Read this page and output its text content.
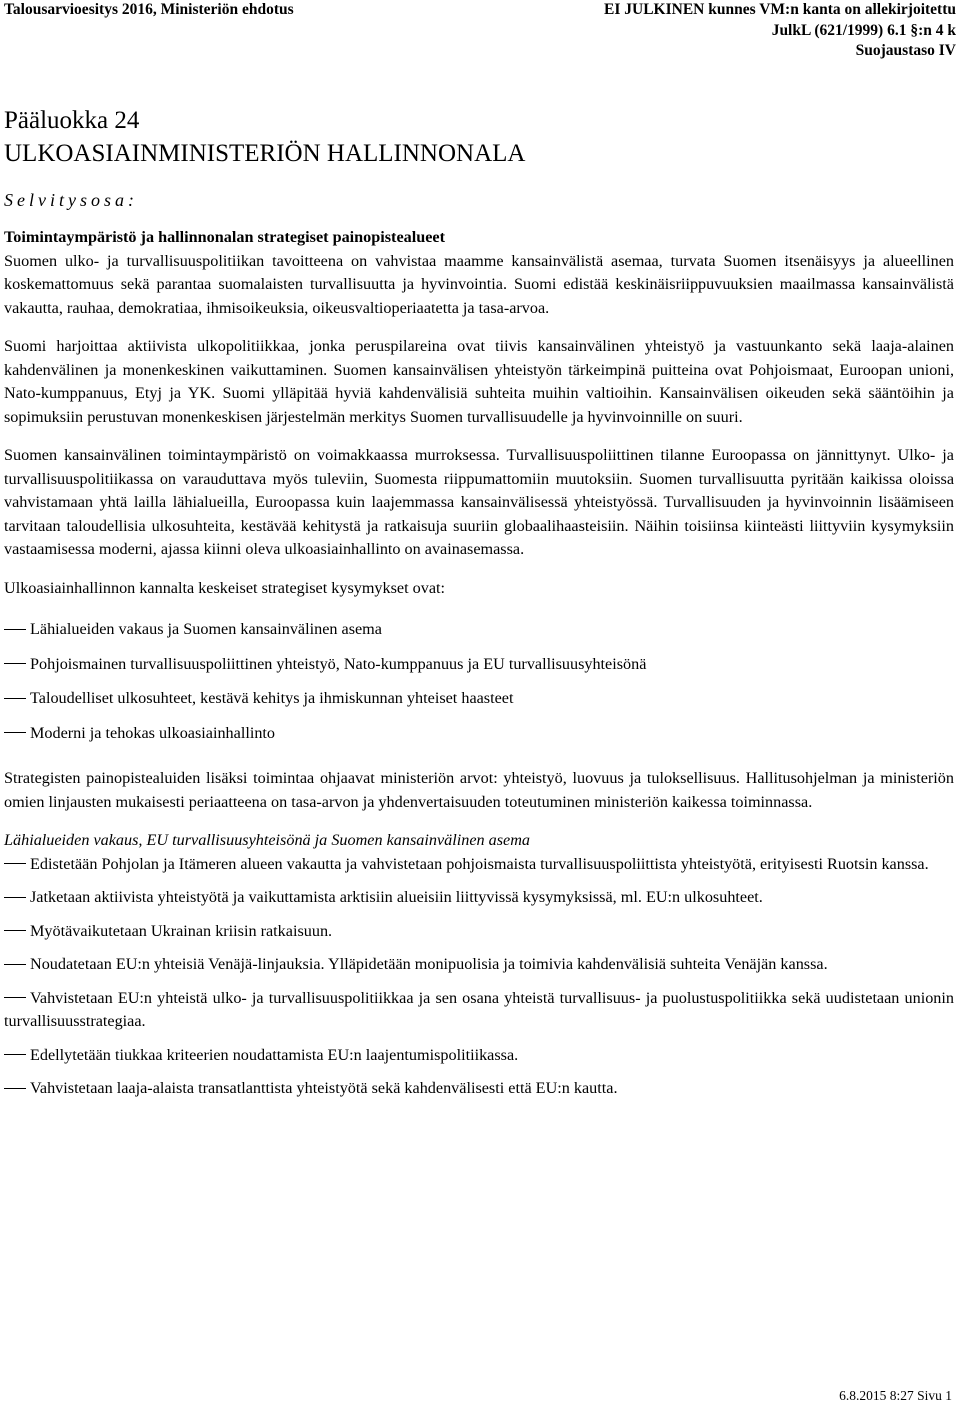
Talousarvioesitys 2016, Ministeriön ehdotus	EI JULKINEN kunnes VM:n kanta on allekirjoitettu
JulkL (621/1999) 6.1 §:n 4 k
Suojaustaso IV
Pääluokka 24
ULKOASIAINMINISTERIÖN HALLINNONALA
Selvitysosa:
Toimintaympäristö ja hallinnonalan strategiset painopistealueet

Suomen ulko- ja turvallisuuspolitiikan tavoitteena on vahvistaa maamme kansainvälistä asemaa, turvata Suomen itsenäisyys ja alueellinen koskemattomuus sekä parantaa suomalaisten turvallisuutta ja hyvinvointia. Suomi edistää keskinäisriippuvuuksien maailmassa kansainvälistä vakautta, rauhaa, demokratiaa, ihmisoikeuksia, oikeusvaltioperiaatetta ja tasa-arvoa.

Suomi harjoittaa aktiivista ulkopolitiikkaa, jonka peruspilareina ovat tiivis kansainvälinen yhteistyö ja vastuunkanto sekä laaja-alainen kahdenvälinen ja monenkeskinen vaikuttaminen. Suomen kansainvälisen yhteistyön tärkeimpinä puitteina ovat Pohjoismaat, Euroopan unioni, Nato-kumppanuus, Etyj ja YK. Suomi ylläpitää hyviä kahdenvälisiä suhteita muihin valtioihin. Kansainvälisen oikeuden sekä sääntöihin ja sopimuksiin perustuvan monenkeskisen järjestelmän merkitys Suomen turvallisuudelle ja hyvinvoinnille on suuri.

Suomen kansainvälinen toimintaympäristö on voimakkaassa murroksessa. Turvallisuuspoliittinen tilanne Euroopassa on jännittynyt. Ulko- ja turvallisuuspolitiikassa on varauduttava myös tuleviin, Suomesta riippumattomiin muutoksiin. Suomen turvallisuutta pyritään kaikissa oloissa vahvistamaan yhtä lailla lähialueilla, Euroopassa kuin laajemmassa kansainvälisessä yhteistyössä. Turvallisuuden ja hyvinvoinnin lisäämiseen tarvitaan taloudellisia ulkosuhteita, kestävää kehitystä ja ratkaisuja suuriin globaalihaasteisiin. Näihin toisiinsa kiinteästi liittyviin kysymyksiin vastaamisessa moderni, ajassa kiinni oleva ulkoasiainhallinto on avainasemassa.

Ulkoasiainhallinnon kannalta keskeiset strategiset kysymykset ovat:

Lähialueiden vakaus ja Suomen kansainvälinen asema
Pohjoismainen turvallisuuspoliittinen yhteistyö, Nato-kumppanuus ja EU turvallisuusyhteisönä
Taloudelliset ulkosuhteet, kestävä kehitys ja ihmiskunnan yhteiset haasteet
Moderni ja tehokas ulkoasiainhallinto

Strategisten painopistealuiden lisäksi toimintaa ohjaavat ministeriön arvot: yhteistyö, luovuus ja tuloksellisuus. Hallitusohjelman ja ministeriön omien linjausten mukaisesti periaatteena on tasa-arvon ja yhdenvertaisuuden toteutuminen ministeriön kaikessa toiminnassa.

Lähialueiden vakaus, EU turvallisuusyhteisönä ja Suomen kansainvälinen asema

Edistetään Pohjolan ja Itämeren alueen vakautta ja vahvistetaan pohjoismaista turvallisuuspoliittista yhteistyötä, erityisesti Ruotsin kanssa.

Jatketaan aktiivista yhteistyötä ja vaikuttamista arktisiin alueisiin liittyvissä kysymyksissä, ml. EU:n ulkosuhteet.

Myötävaikutetaan Ukrainan kriisin ratkaisuun.

Noudatetaan EU:n yhteisiä Venäjä-linjauksia. Ylläpidetään monipuolisia ja toimivia kahdenvälisiä suhteita Venäjän kanssa.

Vahvistetaan EU:n yhteistä ulko- ja turvallisuuspolitiikkaa ja sen osana yhteistä turvallisuus- ja puolustuspolitiikka sekä uudistetaan unionin turvallisuusstrategiaa.

Edellytetään tiukkaa kriteerien noudattamista EU:n laajentumispolitiikassa.

Vahvistetaan laaja-alaista transatlanttista yhteistyötä sekä kahdenvälisesti että EU:n kautta.

6.8.2015 8:27 Sivu 1
